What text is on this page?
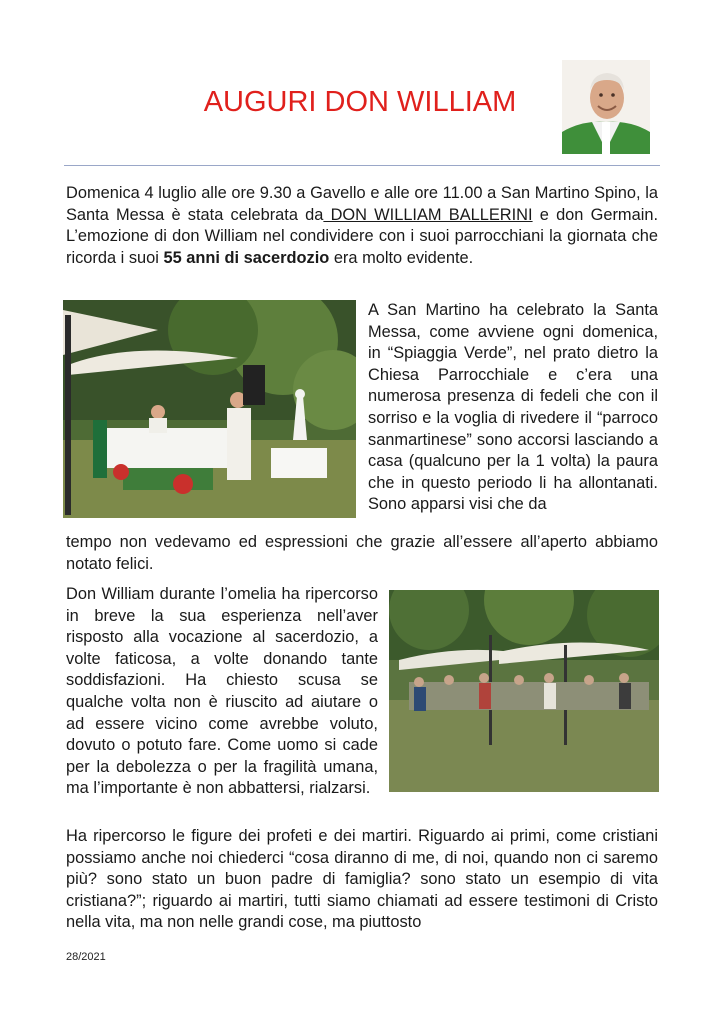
AUGURI DON WILLIAM

Domenica 4 luglio alle ore 9.30 a Gavello e alle ore 11.00 a San Martino Spino, la Santa Messa è stata celebrata da DON WILLIAM BALLERINI e don Germain. L’emozione di don William nel condividere con i suoi parrocchiani la giornata che ricorda i suoi 55 anni di sacerdozio era molto evidente.

A San Martino ha celebrato la Santa Messa, come avviene ogni domenica, in “Spiaggia Verde”, nel prato dietro la Chiesa Parrocchiale e c’era una numerosa presenza di fedeli che con il sorriso e la voglia di rivedere il “parroco sanmartinese” sono accorsi lasciando a casa (qualcuno per la 1 volta) la paura che in questo periodo li ha allontanati. Sono apparsi visi che da

tempo non vedevamo ed espressioni che grazie all’essere all’aperto abbiamo notato felici.

Don William durante l’omelia ha ripercorso in breve la sua esperienza nell’aver risposto alla vocazione al sacerdozio, a volte faticosa, a volte donando tante soddisfazioni. Ha chiesto scusa se qualche volta non è riuscito ad aiutare o ad essere vicino come avrebbe voluto, dovuto o potuto fare. Come uomo si cade per la debolezza o per la fragilità umana, ma l’importante è non abbattersi, rialzarsi.

Ha ripercorso le figure dei profeti e dei martiri. Riguardo ai primi, come cristiani possiamo anche noi chiederci “cosa diranno di me, di noi, quando non ci saremo più? sono stato un buon padre di famiglia? sono stato un esempio di vita cristiana?”; riguardo ai martiri, tutti siamo chiamati ad essere testimoni di Cristo nella vita, ma non nelle grandi cose, ma piuttosto

28/2021
